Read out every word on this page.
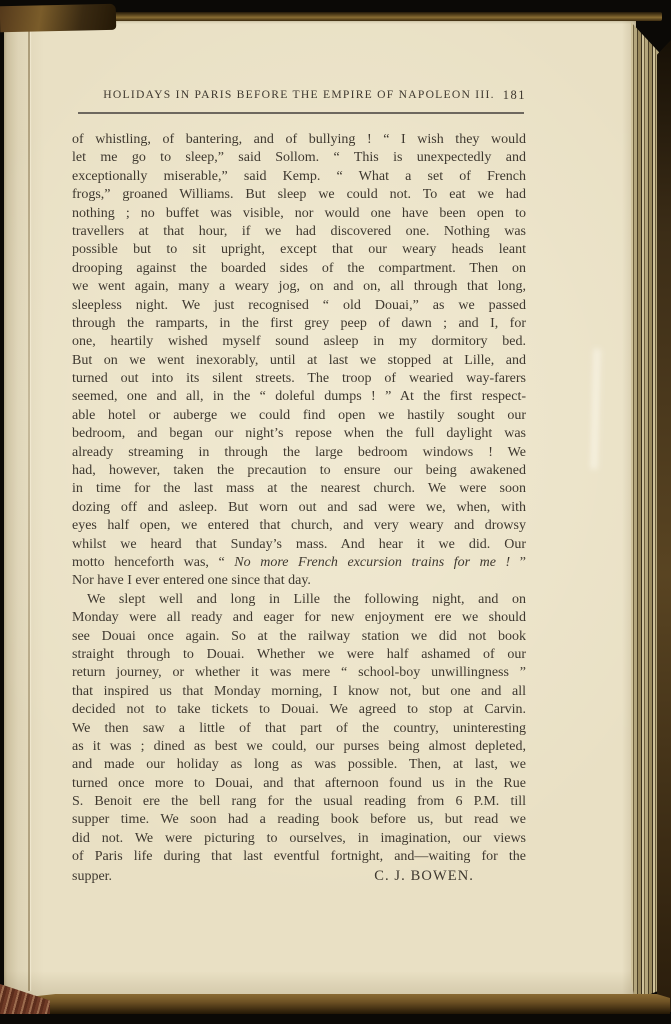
HOLIDAYS IN PARIS BEFORE THE EMPIRE OF NAPOLEON III. 181
of whistling, of bantering, and of bullying ! “ I wish they would
let me go to sleep,” said Sollom. “ This is unexpectedly and
exceptionally miserable,” said Kemp. “ What a set of French
frogs,” groaned Williams. But sleep we could not. To eat we had
nothing ; no buffet was visible, nor would one have been open to
travellers at that hour, if we had discovered one. Nothing was
possible but to sit upright, except that our weary heads leant
drooping against the boarded sides of the compartment. Then on
we went again, many a weary jog, on and on, all through that long,
sleepless night. We just recognised “ old Douai,” as we passed
through the ramparts, in the first grey peep of dawn ; and I, for
one, heartily wished myself sound asleep in my dormitory bed.
But on we went inexorably, until at last we stopped at Lille, and
turned out into its silent streets. The troop of wearied way-farers
seemed, one and all, in the “ doleful dumps ! ” At the first respect-
able hotel or auberge we could find open we hastily sought our
bedroom, and began our night’s repose when the full daylight was
already streaming in through the large bedroom windows ! We
had, however, taken the precaution to ensure our being awakened
in time for the last mass at the nearest church. We were soon
dozing off and asleep. But worn out and sad were we, when, with
eyes half open, we entered that church, and very weary and drowsy
whilst we heard that Sunday’s mass. And hear it we did. Our
motto henceforth was, “ No more French excursion trains for me ! ”
Nor have I ever entered one since that day.
We slept well and long in Lille the following night, and on
Monday were all ready and eager for new enjoyment ere we should
see Douai once again. So at the railway station we did not book
straight through to Douai. Whether we were half ashamed of our
return journey, or whether it was mere “ school-boy unwillingness ”
that inspired us that Monday morning, I know not, but one and all
decided not to take tickets to Douai. We agreed to stop at Carvin.
We then saw a little of that part of the country, uninteresting
as it was ; dined as best we could, our purses being almost depleted,
and made our holiday as long as was possible. Then, at last, we
turned once more to Douai, and that afternoon found us in the Rue
S. Benoit ere the bell rang for the usual reading from 6 P.M. till
supper time. We soon had a reading book before us, but read we
did not. We were picturing to ourselves, in imagination, our views
of Paris life during that last eventful fortnight, and—waiting for the
supper.	C. J. BOWEN.
